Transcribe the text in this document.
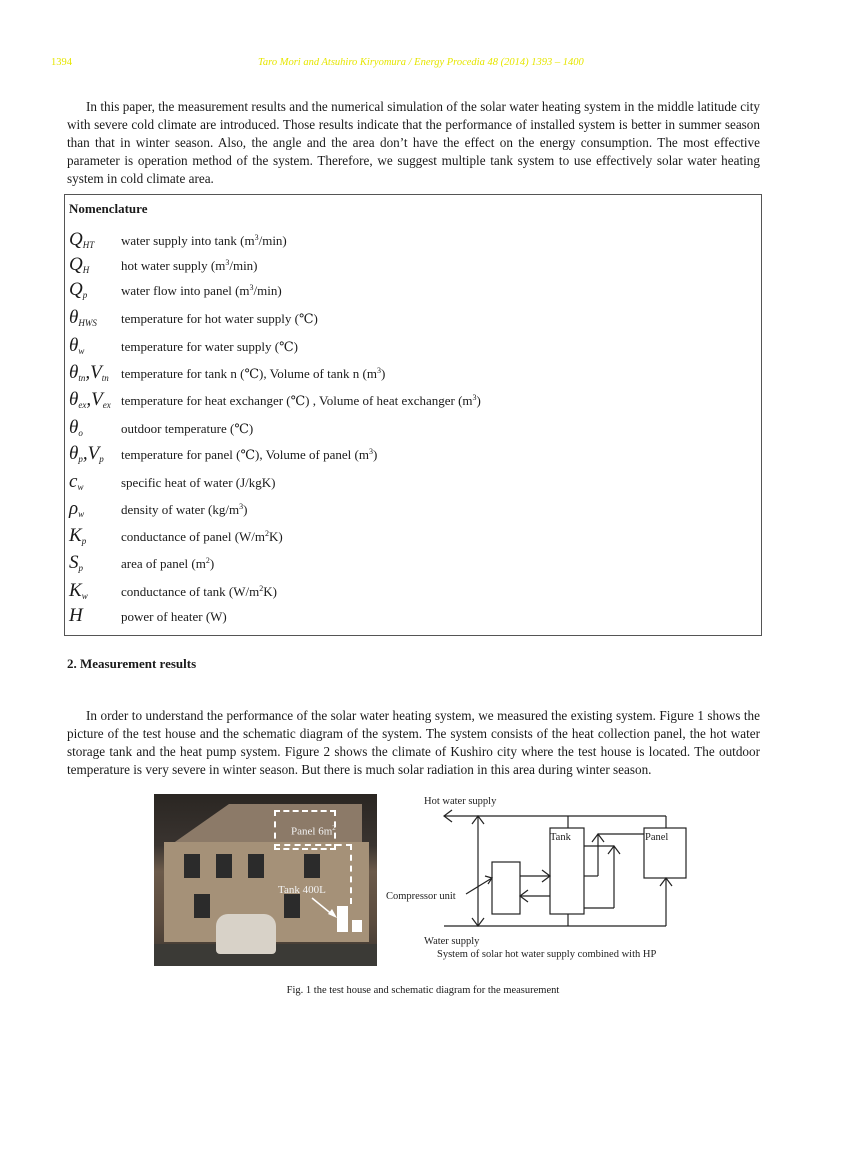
1394	Taro Mori and Atsuhiro Kiryomura / Energy Procedia 48 (2014) 1393 – 1400

In this paper, the measurement results and the numerical simulation of the solar water heating system in the middle latitude city with severe cold climate are introduced. Those results indicate that the performance of installed system is better in summer season than that in winter season. Also, the angle and the area don’t have the effect on the energy consumption. The most effective parameter is operation method of the system. Therefore, we suggest multiple tank system to use effectively solar water heating system in cold climate area.

Nomenclature
$Q_{HT}$ water supply into tank $(m^3/\min)$
$Q_H$ hot water supply $(m^3/\min)$
$Q_p$	water flow into panel $(m^3/\min)$
$\theta_{HWS}$ temperature for hot water supply (℃)
$\theta_w$	temperature for water supply (℃)
$\theta_{tn},V_{tn}$ temperature for tank n (℃), Volume of tank n $(m^3)$
$\theta_{ex},V_{ex}$ temperature for heat exchanger (℃) , Volume of heat exchanger $(m^3)$
$\theta_o$	outdoor temperature (℃)
$\theta_p,V_p$ temperature for panel (℃), Volume of panel $(m^3)$
$c_w$	specific heat of water (J/kgK)
$\rho_w$	density of water $(kg/m^3)$
$K_p$	conductance of panel $(W/m^2K)$
$S_p$	area of panel $(m^2)$
$K_w$	conductance of tank $(W/m^2K)$
H	power of heater (W)
2. Measurement results

In order to understand the performance of the solar water heating system, we measured the existing system. Figure 1 shows the picture of the test house and the schematic diagram of the system. The system consists of the heat collection panel, the hot water storage tank and the heat pump system. Figure 2 shows the climate of Kushiro city where the test house is located. The outdoor temperature is very severe in winter season. But there is much solar radiation in this area during winter season.

Panel $6m^2$
Tank 400L
Hot water supply
Tank	Panel
Compressor unit
Water supply
System of solar hot water supply combined with HP
Fig. 1 the test house and schematic diagram for the measurement
